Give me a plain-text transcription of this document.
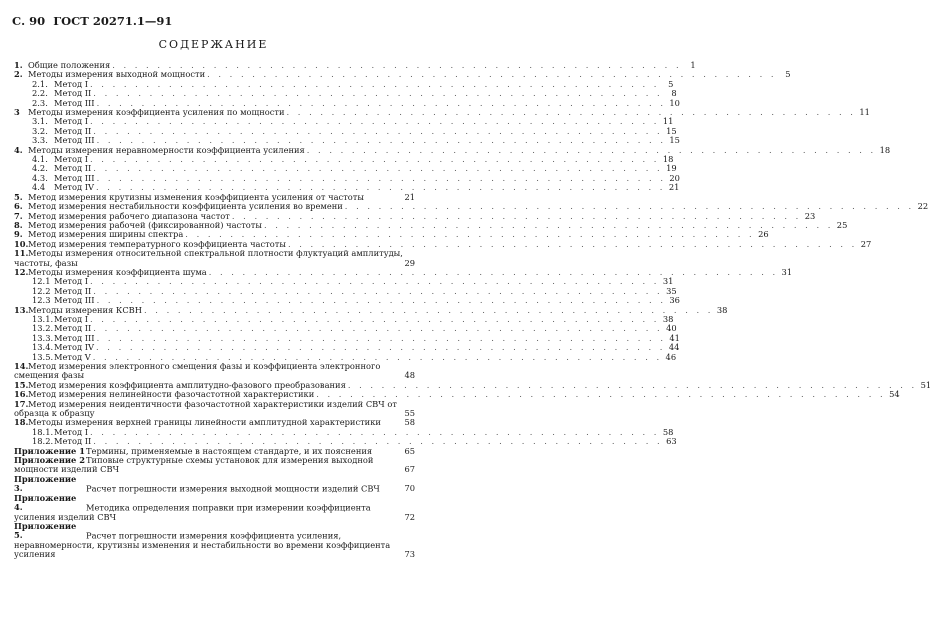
С. 90 ГОСТ 20271.1—91
СОДЕРЖАНИЕ
1. Общие положения . . . . . . . . . . . . . . . . . . . . . . . . . . . . . . . . . . . . . . . . . . . . . . . . . . .	1
2. Методы измерения выходной мощности . . . . . . . . . . . . . . . . . . . . . . . . . . . . . . . . . . . . . . . . . . . . . . . . . . .	5
2.1. Метод I . . . . . . . . . . . . . . . . . . . . . . . . . . . . . . . . . . . . . . . . . . . . . . . . . . .	5
2.2. Метод II . . . . . . . . . . . . . . . . . . . . . . . . . . . . . . . . . . . . . . . . . . . . . . . . . . .	8
2.3. Метод III . . . . . . . . . . . . . . . . . . . . . . . . . . . . . . . . . . . . . . . . . . . . . . . . . . . 10
3 Методы измерения коэффициента усиления по мощности . . . . . . . . . . . . . . . . . . . . . . . . . . . . . . . . . . . . . . . . . . . . . . . . . . . 11
3.1. Метод I . . . . . . . . . . . . . . . . . . . . . . . . . . . . . . . . . . . . . . . . . . . . . . . . . . . 11
3.2. Метод II . . . . . . . . . . . . . . . . . . . . . . . . . . . . . . . . . . . . . . . . . . . . . . . . . . . 15
3.3. Метод III . . . . . . . . . . . . . . . . . . . . . . . . . . . . . . . . . . . . . . . . . . . . . . . . . . . 15
4. Методы измерения неравномерности коэффициента усиления . . . . . . . . . . . . . . . . . . . . . . . . . . . . . . . . . . . . . . . . . . . . . . . . . . . 18
4.1. Метод I . . . . . . . . . . . . . . . . . . . . . . . . . . . . . . . . . . . . . . . . . . . . . . . . . . . 18
4.2. Метод II . . . . . . . . . . . . . . . . . . . . . . . . . . . . . . . . . . . . . . . . . . . . . . . . . . . 19
4.3. Метод III . . . . . . . . . . . . . . . . . . . . . . . . . . . . . . . . . . . . . . . . . . . . . . . . . . . 20
4.4	Метод IV . . . . . . . . . . . . . . . . . . . . . . . . . . . . . . . . . . . . . . . . . . . . . . . . . . . 21
5. Метод измерения крутизны изменения коэффициента усиления от частоты	21
6. Метод измерения нестабильности коэффициента усиления во времени . . . . . . . . . . . . . . . . . . . . . . . . . . . . . . . . . . . . . . . . . . . . . . . . . . . 22
7. Метод измерения рабочего диапазона частот . . . . . . . . . . . . . . . . . . . . . . . . . . . . . . . . . . . . . . . . . . . . . . . . . . . 23
8. Метод измерения рабочей (фиксированной) частоты . . . . . . . . . . . . . . . . . . . . . . . . . . . . . . . . . . . . . . . . . . . . . . . . . . . 25
9. Метод измерения ширины спектра . . . . . . . . . . . . . . . . . . . . . . . . . . . . . . . . . . . . . . . . . . . . . . . . . . . 26
10. Метод измерения температурного коэффициента частоты . . . . . . . . . . . . . . . . . . . . . . . . . . . . . . . . . . . . . . . . . . . . . . . . . . . 27
11.Методы измерения относительной спектральной плотности флуктуаций амплитуды, частоты, фазы	29
12. Методы измерения коэффициента шума . . . . . . . . . . . . . . . . . . . . . . . . . . . . . . . . . . . . . . . . . . . . . . . . . . . 31
12.1 Метод I . . . . . . . . . . . . . . . . . . . . . . . . . . . . . . . . . . . . . . . . . . . . . . . . . . . 31
12.2 Метод II . . . . . . . . . . . . . . . . . . . . . . . . . . . . . . . . . . . . . . . . . . . . . . . . . . . 35
12.3 Метод III . . . . . . . . . . . . . . . . . . . . . . . . . . . . . . . . . . . . . . . . . . . . . . . . . . . 36
13. Методы измерения КСВН . . . . . . . . . . . . . . . . . . . . . . . . . . . . . . . . . . . . . . . . . . . . . . . . . . . 38
13.1. Метод I . . . . . . . . . . . . . . . . . . . . . . . . . . . . . . . . . . . . . . . . . . . . . . . . . . . 38
13.2. Метод II . . . . . . . . . . . . . . . . . . . . . . . . . . . . . . . . . . . . . . . . . . . . . . . . . . . 40
13.3. Метод III . . . . . . . . . . . . . . . . . . . . . . . . . . . . . . . . . . . . . . . . . . . . . . . . . . . 41
13.4. Метод IV . . . . . . . . . . . . . . . . . . . . . . . . . . . . . . . . . . . . . . . . . . . . . . . . . . . 44
13.5. Метод V . . . . . . . . . . . . . . . . . . . . . . . . . . . . . . . . . . . . . . . . . . . . . . . . . . . 46
14.Метод измерения электронного смещения фазы и коэффициента электронного смещения фазы	48
15. Метод измерения коэффициента амплитудно-фазового преобразования . . . . . . . . . . . . . . . . . . . . . . . . . . . . . . . . . . . . . . . . . . . . . . . . . . . 51
16. Метод измерения нелинейности фазочастотной характеристики . . . . . . . . . . . . . . . . . . . . . . . . . . . . . . . . . . . . . . . . . . . . . . . . . . . 54
17.Метод измерения неидентичности фазочастотной характеристики изделий СВЧ от образца к образцу	55
18.Методы измерения верхней границы линейности амплитудной характеристики	58
18.1. Метод I . . . . . . . . . . . . . . . . . . . . . . . . . . . . . . . . . . . . . . . . . . . . . . . . . . . 58
18.2. Метод II . . . . . . . . . . . . . . . . . . . . . . . . . . . . . . . . . . . . . . . . . . . . . . . . . . . 63
Приложение 1Термины, применяемые в настоящем стандарте, и их пояснения	65
Приложение 2Типовые структурные схемы установок для измерения выходной мощности изделий СВЧ	67
Приложение 3.	Расчет погрешности измерения выходной мощности изделий СВЧ	70
Приложение 4.	Методика определения поправки при измерении коэффициента усиления изделий СВЧ	72
Приложение 5.	Расчет погрешности измерения коэффициента усиления, неравномерности, крутизны изменения и нестабильности во времени коэффициента усиления	73
